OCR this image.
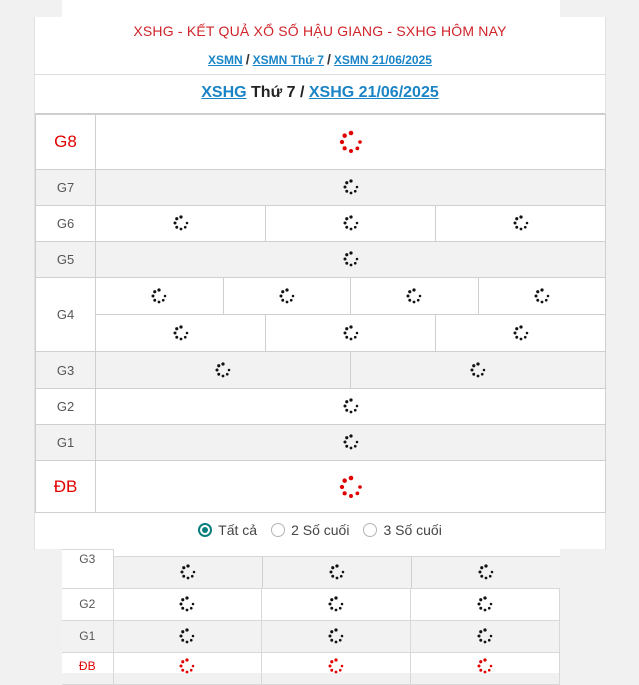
XSHG - KẾT QUẢ XỔ SỐ HẬU GIANG - SXHG HÔM NAY
XSMN / XSMN Thứ 7 / XSMN 21/06/2025
XSHG Thứ 7 / XSHG 21/06/2025
G8	
G7	
G6	

G5	
G4	

G3	

G2	
G1	
ĐB	
Tất cả 2 Số cuối 3 Số cuối
G3	

G2			
G1			
ĐB			
